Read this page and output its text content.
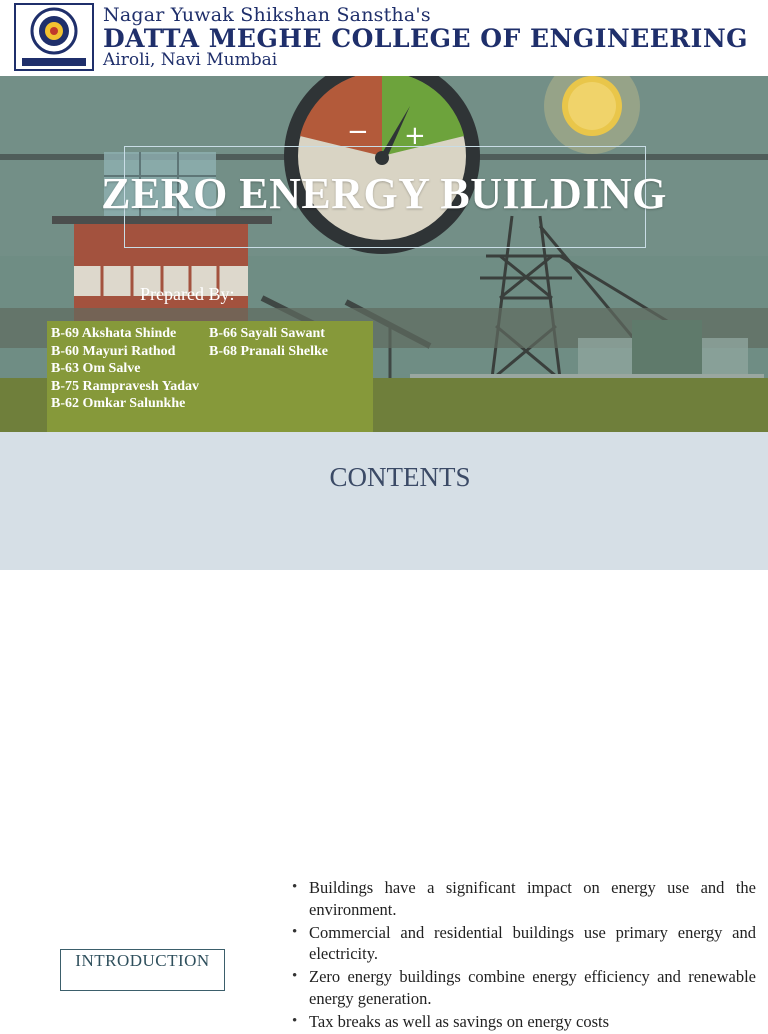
Nagar Yuwak Shikshan Sanstha's
DATTA MEGHE COLLEGE OF ENGINEERING
Airoli, Navi Mumbai
− +
ZERO ENERGY BUILDING
Prepared By:
B-69 Akshata Shinde
B-60 Mayuri Rathod
B-63 Om Salve
B-75 Rampravesh Yadav
B-62 Omkar Salunkhe
B-66 Sayali Sawant
B-68 Pranali Shelke
CONTENTS
INTRODUCTION
• Buildings have a significant impact on energy use and the environment.
• Commercial and residential buildings use primary energy and electricity.
• Zero energy buildings combine energy efficiency and renewable energy generation.
• Tax breaks as well as savings on energy costs
